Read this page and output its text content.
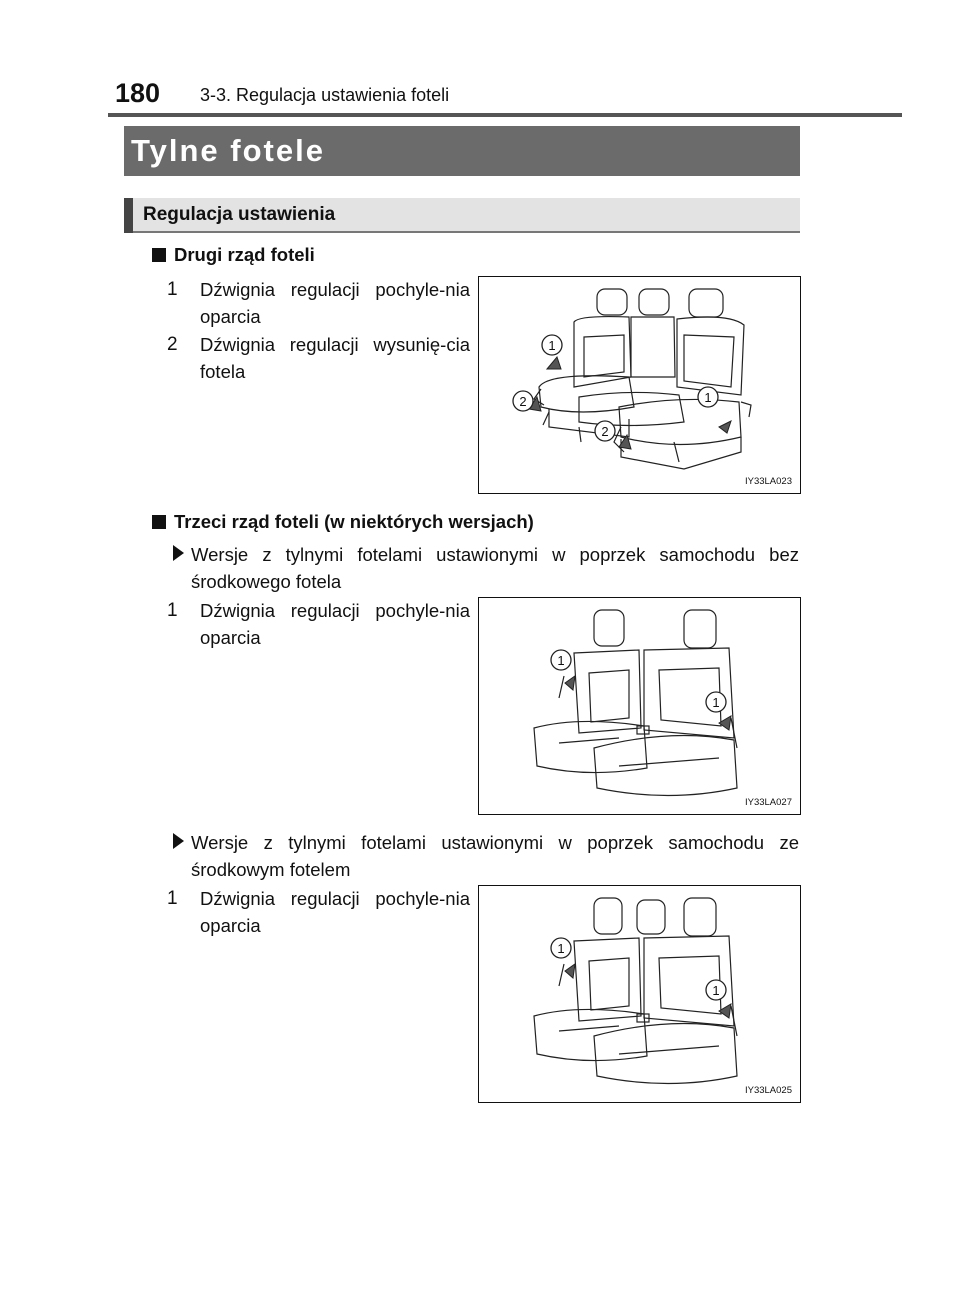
180 3-3. Regulacja ustawienia foteli
Tylne fotele
Regulacja ustawienia
Drugi rząd foteli
1 Dźwignia regulacji pochyle-nia oparcia
2 Dźwignia regulacji wysunię-cia fotela
1
2	1
2
IY33LA023
Trzeci rząd foteli (w niektórych wersjach)
Wersje z tylnymi fotelami ustawionymi w poprzek samochodu bez środkowego fotela
1 Dźwignia regulacji pochyle-nia oparcia
1
1
IY33LA027
Wersje z tylnymi fotelami ustawionymi w poprzek samochodu ze środkowym fotelem
1 Dźwignia regulacji pochyle-nia oparcia
1
1
IY33LA025
